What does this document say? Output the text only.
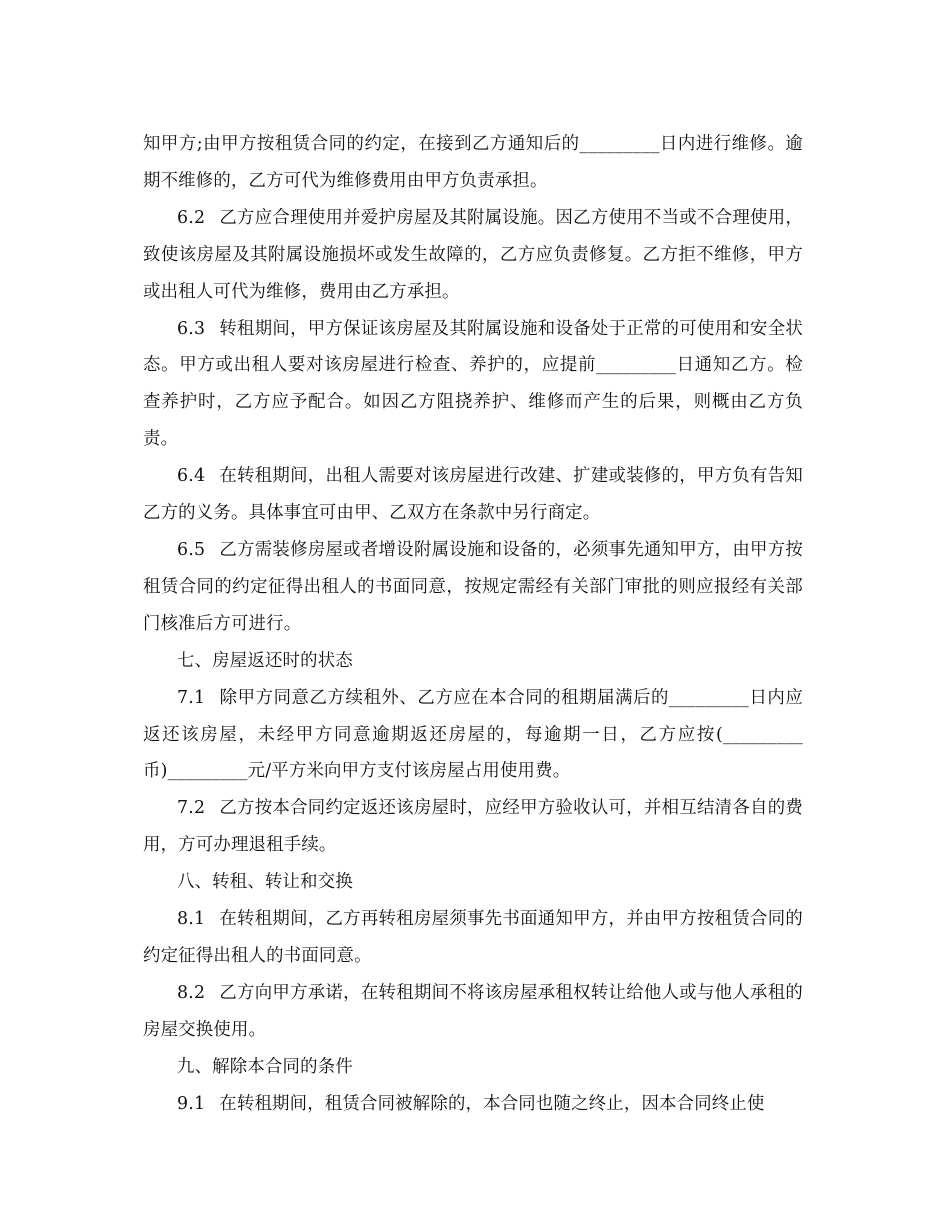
知甲方;由甲方按租赁合同的约定，在接到乙方通知后的_________日内进行维修。逾期不维修的，乙方可代为维修费用由甲方负责承担。

6.2 乙方应合理使用并爱护房屋及其附属设施。因乙方使用不当或不合理使用，致使该房屋及其附属设施损坏或发生故障的，乙方应负责修复。乙方拒不维修，甲方或出租人可代为维修，费用由乙方承担。

6.3 转租期间，甲方保证该房屋及其附属设施和设备处于正常的可使用和安全状态。甲方或出租人要对该房屋进行检查、养护的，应提前_________日通知乙方。检查养护时，乙方应予配合。如因乙方阻挠养护、维修而产生的后果，则概由乙方负责。

6.4 在转租期间，出租人需要对该房屋进行改建、扩建或装修的，甲方负有告知乙方的义务。具体事宜可由甲、乙双方在条款中另行商定。

6.5 乙方需装修房屋或者增设附属设施和设备的，必须事先通知甲方，由甲方按租赁合同的约定征得出租人的书面同意，按规定需经有关部门审批的则应报经有关部门核准后方可进行。

七、房屋返还时的状态

7.1 除甲方同意乙方续租外、乙方应在本合同的租期届满后的_________日内应返还该房屋，未经甲方同意逾期返还房屋的，每逾期一日，乙方应按(_________币)_________元/平方米向甲方支付该房屋占用使用费。

7.2 乙方按本合同约定返还该房屋时，应经甲方验收认可，并相互结清各自的费用，方可办理退租手续。

八、转租、转让和交换

8.1 在转租期间，乙方再转租房屋须事先书面通知甲方，并由甲方按租赁合同的约定征得出租人的书面同意。

8.2 乙方向甲方承诺，在转租期间不将该房屋承租权转让给他人或与他人承租的房屋交换使用。

九、解除本合同的条件

9.1 在转租期间，租赁合同被解除的，本合同也随之终止，因本合同终止使
